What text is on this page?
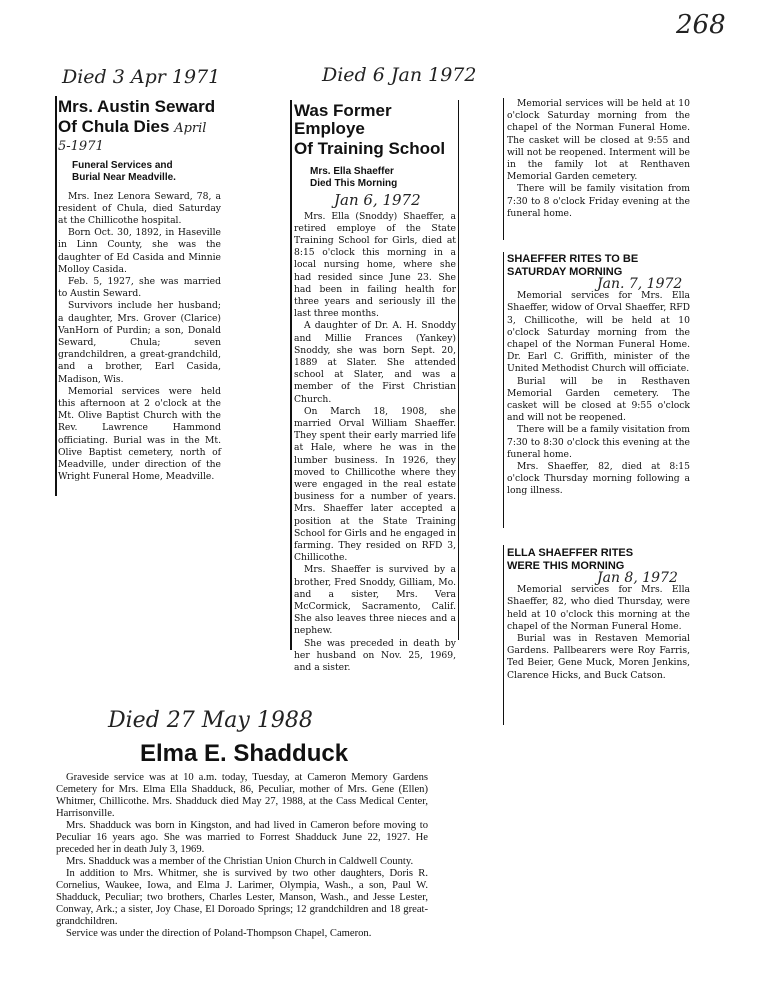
268
Died 3 Apr 1971
Mrs. Austin Seward
Of Chula Dies April 5-1971
Funeral Services and
Burial Near Meadville.

Mrs. Inez Lenora Seward, 78, a resident of Chula, died Saturday at the Chillicothe hospital.

Born Oct. 30, 1892, in Haseville in Linn County, she was the daughter of Ed Casida and Minnie Molloy Casida.

Feb. 5, 1927, she was married to Austin Seward.

Survivors include her husband; a daughter, Mrs. Grover (Clarice) VanHorn of Purdin; a son, Donald Seward, Chula; seven grandchildren, a great-grandchild, and a brother, Earl Casida, Madison, Wis.

Memorial services were held this afternoon at 2 o'clock at the Mt. Olive Baptist Church with the Rev. Lawrence Hammond officiating. Burial was in the Mt. Olive Baptist cemetery, north of Meadville, under direction of the Wright Funeral Home, Meadville.

Died 6 Jan 1972
Was Former Employe
Of Training School
Mrs. Ella Shaeffer
Died This Morning
Jan 6, 1972

Mrs. Ella (Snoddy) Shaeffer, a retired employe of the State Training School for Girls, died at 8:15 o'clock this morning in a local nursing home, where she had resided since June 23. She had been in failing health for three years and seriously ill the last three months.

A daughter of Dr. A. H. Snoddy and Millie Frances (Yankey) Snoddy, she was born Sept. 20, 1889 at Slater. She attended school at Slater, and was a member of the First Christian Church.

On March 18, 1908, she married Orval William Shaeffer. They spent their early married life at Hale, where he was in the lumber business. In 1926, they moved to Chillicothe where they were engaged in the real estate business for a number of years. Mrs. Shaeffer later accepted a position at the State Training School for Girls and he engaged in farming. They resided on RFD 3, Chillicothe.

Mrs. Shaeffer is survived by a brother, Fred Snoddy, Gilliam, Mo. and a sister, Mrs. Vera McCormick, Sacramento, Calif. She also leaves three nieces and a nephew.

She was preceded in death by her husband on Nov. 25, 1969, and a sister.

Memorial services will be held at 10 o'clock Saturday morning from the chapel of the Norman Funeral Home. The casket will be closed at 9:55 and will not be reopened. Interment will be in the family lot at Renthaven Memorial Garden cemetery.

There will be family visitation from 7:30 to 8 o'clock Friday evening at the funeral home.

SHAEFFER RITES TO BE
SATURDAY MORNING
Jan. 7, 1972

Memorial services for Mrs. Ella Shaeffer, widow of Orval Shaeffer, RFD 3, Chillicothe, will be held at 10 o'clock Saturday morning from the chapel of the Norman Funeral Home. Dr. Earl C. Griffith, minister of the United Methodist Church will officiate.

Burial will be in Resthaven Memorial Garden cemetery. The casket will be closed at 9:55 o'clock and will not be reopened.

There will be a family visitation from 7:30 to 8:30 o'clock this evening at the funeral home.

Mrs. Shaeffer, 82, died at 8:15 o'clock Thursday morning following a long illness.

ELLA SHAEFFER RITES
WERE THIS MORNING
Jan 8, 1972

Memorial services for Mrs. Ella Shaeffer, 82, who died Thursday, were held at 10 o'clock this morning at the chapel of the Norman Funeral Home.

Burial was in Restaven Memorial Gardens. Pallbearers were Roy Farris, Ted Beier, Gene Muck, Moren Jenkins, Clarence Hicks, and Buck Catson.

Died 27 May 1988
Elma E. Shadduck

Graveside service was at 10 a.m. today, Tuesday, at Cameron Memory Gardens Cemetery for Mrs. Elma Ella Shadduck, 86, Peculiar, mother of Mrs. Gene (Ellen) Whitmer, Chillicothe. Mrs. Shadduck died May 27, 1988, at the Cass Medical Center, Harrisonville.

Mrs. Shadduck was born in Kingston, and had lived in Cameron before moving to Peculiar 16 years ago. She was married to Forrest Shadduck June 22, 1927. He preceded her in death July 3, 1969.

Mrs. Shadduck was a member of the Christian Union Church in Caldwell County.

In addition to Mrs. Whitmer, she is survived by two other daughters, Doris R. Cornelius, Waukee, Iowa, and Elma J. Larimer, Olympia, Wash., a son, Paul W. Shadduck, Peculiar; two brothers, Charles Lester, Manson, Wash., and Jesse Lester, Conway, Ark.; a sister, Joy Chase, El Doroado Springs; 12 grandchildren and 18 great-grandchildren.

Service was under the direction of Poland-Thompson Chapel, Cameron.
